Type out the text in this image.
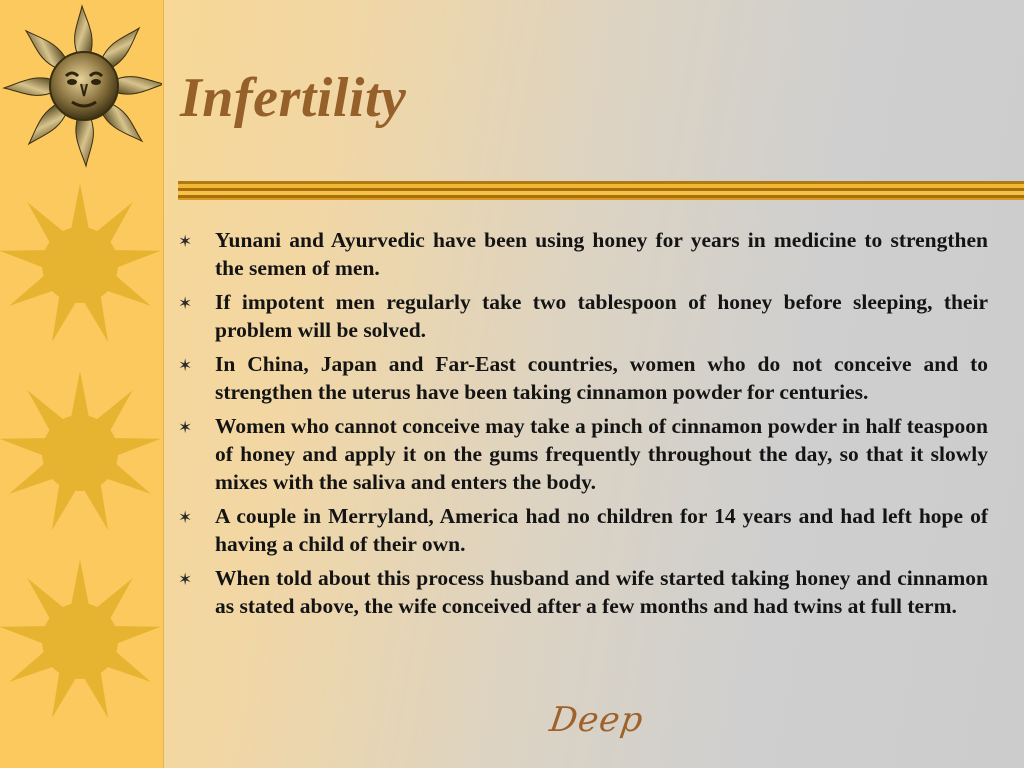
Infertility
✶ Yunani and Ayurvedic have been using honey for years in medicine to strengthen the semen of men.
✶ If impotent men regularly take two tablespoon of honey before sleeping, their problem will be solved.
✶ In China, Japan and Far-East countries, women who do not conceive and to strengthen the uterus have been taking cinnamon powder for centuries.
✶ Women who cannot conceive may take a pinch of cinnamon powder in half teaspoon of honey and apply it on the gums frequently throughout the day, so that it slowly mixes with the saliva and enters the body.
✶ A couple in Merryland, America had no children for 14 years and had left hope of having a child of their own.
✶ When told about this process husband and wife started taking honey and cinnamon as stated above, the wife conceived after a few months and had twins at full term.
Deep
